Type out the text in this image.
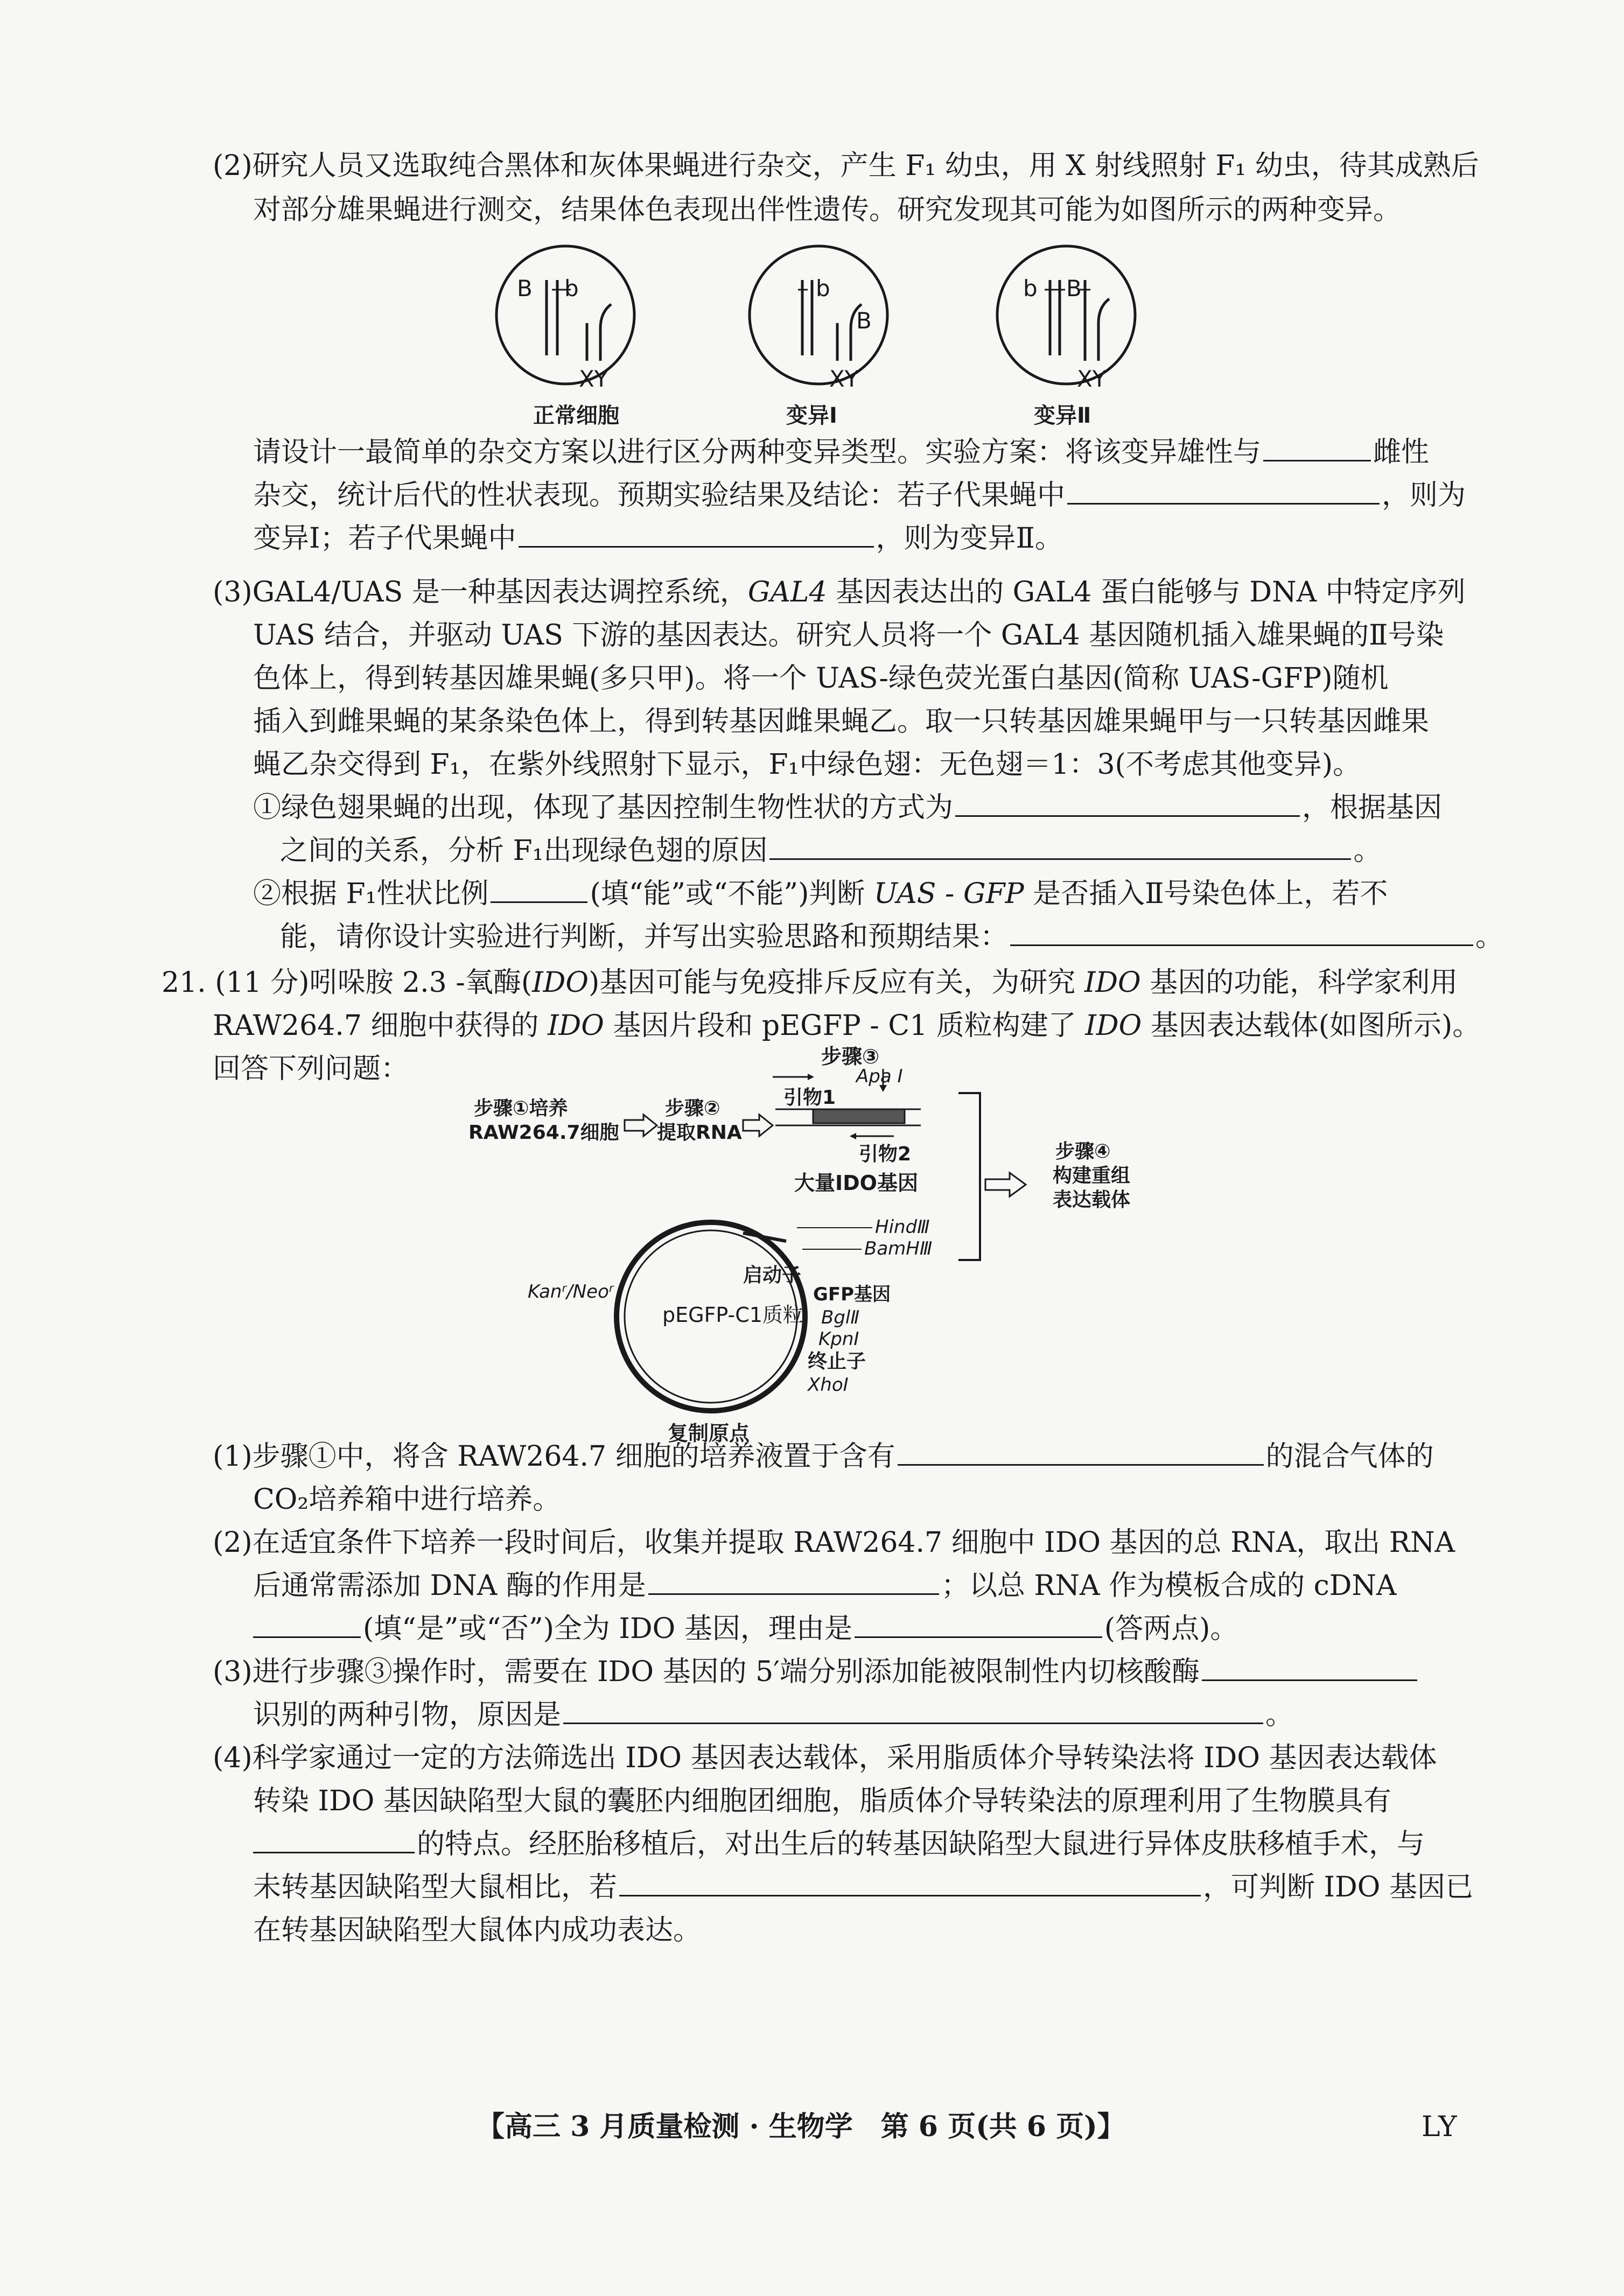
(2)研究人员又选取纯合黑体和灰体果蝇进行杂交，产生 F₁ 幼虫，用 X 射线照射 F₁ 幼虫，待其成熟后
对部分雄果蝇进行测交，结果体色表现出伴性遗传。研究发现其可能为如图所示的两种变异。
B b
XY
正常细胞
b
B
XY
变异Ⅰ
b B
XY
变异Ⅱ
请设计一最简单的杂交方案以进行区分两种变异类型。实验方案：将该变异雄性与	雌性
杂交，统计后代的性状表现。预期实验结果及结论：若子代果蝇中	，则为
变异Ⅰ；若子代果蝇中	，则为变异Ⅱ。
(3)GAL4/UAS 是一种基因表达调控系统，GAL4 基因表达出的 GAL4 蛋白能够与 DNA 中特定序列
UAS 结合，并驱动 UAS 下游的基因表达。研究人员将一个 GAL4 基因随机插入雄果蝇的Ⅱ号染
色体上，得到转基因雄果蝇(多只甲)。将一个 UAS-绿色荧光蛋白基因(简称 UAS-GFP)随机
插入到雌果蝇的某条染色体上，得到转基因雌果蝇乙。取一只转基因雄果蝇甲与一只转基因雌果
蝇乙杂交得到 F₁，在紫外线照射下显示，F₁中绿色翅：无色翅＝1：3(不考虑其他变异)。
①绿色翅果蝇的出现，体现了基因控制生物性状的方式为	，根据基因
之间的关系，分析 F₁出现绿色翅的原因	。
②根据 F₁性状比例	(填“能”或“不能”)判断 UAS - GFP 是否插入Ⅱ号染色体上，若不
能，请你设计实验进行判断，并写出实验思路和预期结果：	。
21. (11 分)吲哚胺 2.3 -氧酶(IDO)基因可能与免疫排斥反应有关，为研究 IDO 基因的功能，科学家利用
RAW264.7 细胞中获得的 IDO 基因片段和 pEGFP - C1 质粒构建了 IDO 基因表达载体(如图所示)。
回答下列问题：	步骤③
引物1
Apa Ⅰ
步骤①培养
RAW264.7细胞
步骤②
提取RNA
引物2
大量IDO基因
步骤④
构建重组
表达载体
HindⅢ
BamHⅢ
启动子
Kanʳ/Neoʳ
pEGFP-C1质粒
GFP基因
BglⅡ
KpnⅠ
终止子
XhoⅠ
复制原点
(1)步骤①中，将含 RAW264.7 细胞的培养液置于含有	的混合气体的
CO₂培养箱中进行培养。
(2)在适宜条件下培养一段时间后，收集并提取 RAW264.7 细胞中 IDO 基因的总 RNA，取出 RNA
后通常需添加 DNA 酶的作用是	；以总 RNA 作为模板合成的 cDNA
(填“是”或“否”)全为 IDO 基因，理由是	(答两点)。
(3)进行步骤③操作时，需要在 IDO 基因的 5′端分别添加能被限制性内切核酸酶
识别的两种引物，原因是	。
(4)科学家通过一定的方法筛选出 IDO 基因表达载体，采用脂质体介导转染法将 IDO 基因表达载体
转染 IDO 基因缺陷型大鼠的囊胚内细胞团细胞，脂质体介导转染法的原理利用了生物膜具有
的特点。经胚胎移植后，对出生后的转基因缺陷型大鼠进行异体皮肤移植手术，与
未转基因缺陷型大鼠相比，若	，可判断 IDO 基因已
在转基因缺陷型大鼠体内成功表达。
【高三 3 月质量检测 · 生物学　第 6 页(共 6 页)】	LY
